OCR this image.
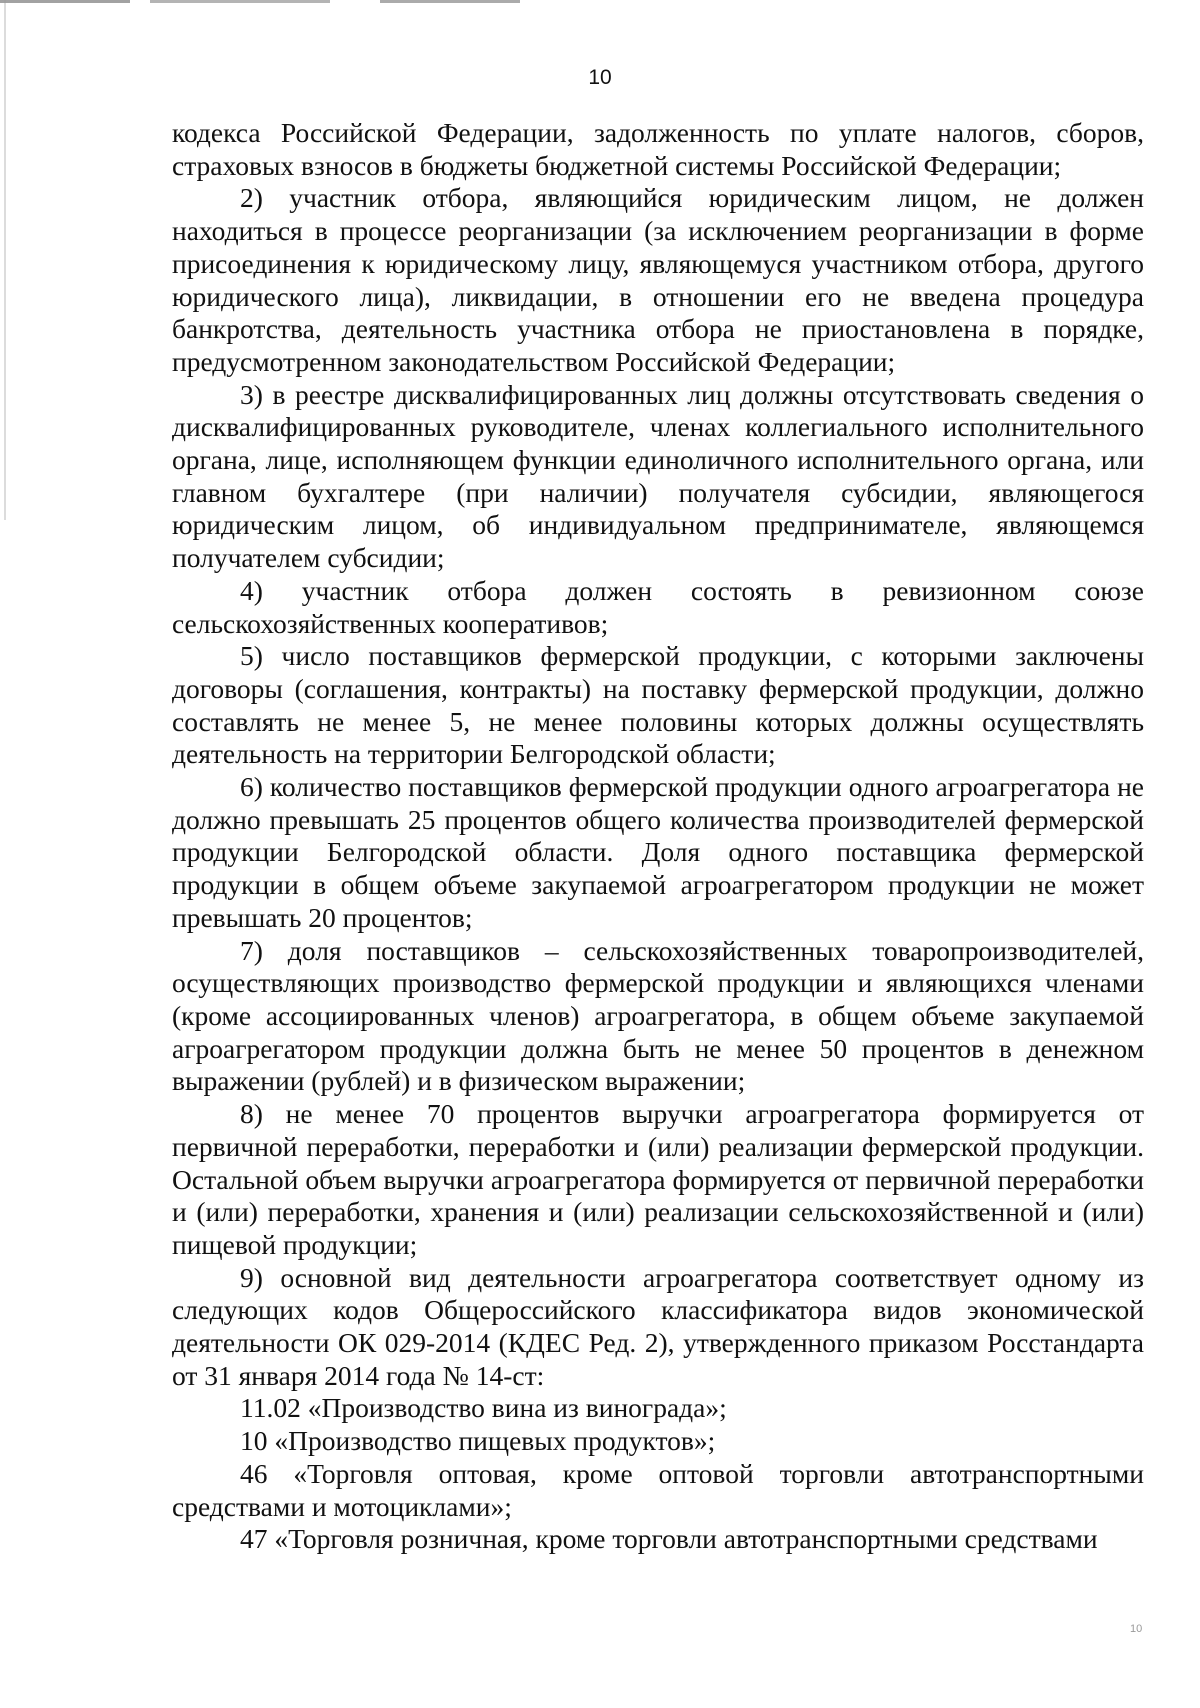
10

кодекса Российской Федерации, задолженность по уплате налогов, сборов, страховых взносов в бюджеты бюджетной системы Российской Федерации;

2) участник отбора, являющийся юридическим лицом, не должен находиться в процессе реорганизации (за исключением реорганизации в форме присоединения к юридическому лицу, являющемуся участником отбора, другого юридического лица), ликвидации, в отношении его не введена процедура банкротства, деятельность участника отбора не приостановлена в порядке, предусмотренном законодательством Российской Федерации;

3) в реестре дисквалифицированных лиц должны отсутствовать сведения о дисквалифицированных руководителе, членах коллегиального исполнительного органа, лице, исполняющем функции единоличного исполнительного органа, или главном бухгалтере (при наличии) получателя субсидии, являющегося юридическим лицом, об индивидуальном предпринимателе, являющемся получателем субсидии;

4) участник отбора должен состоять в ревизионном союзе сельскохозяйственных кооперативов;

5) число поставщиков фермерской продукции, с которыми заключены договоры (соглашения, контракты) на поставку фермерской продукции, должно составлять не менее 5, не менее половины которых должны осуществлять деятельность на территории Белгородской области;

6) количество поставщиков фермерской продукции одного агроагрегатора не должно превышать 25 процентов общего количества производителей фермерской продукции Белгородской области. Доля одного поставщика фермерской продукции в общем объеме закупаемой агроагрегатором продукции не может превышать 20 процентов;

7) доля поставщиков – сельскохозяйственных товаропроизводителей, осуществляющих производство фермерской продукции и являющихся членами (кроме ассоциированных членов) агроагрегатора, в общем объеме закупаемой агроагрегатором продукции должна быть не менее 50 процентов в денежном выражении (рублей) и в физическом выражении;

8) не менее 70 процентов выручки агроагрегатора формируется от первичной переработки, переработки и (или) реализации фермерской продукции. Остальной объем выручки агроагрегатора формируется от первичной переработки и (или) переработки, хранения и (или) реализации сельскохозяйственной и (или) пищевой продукции;

9) основной вид деятельности агроагрегатора соответствует одному из следующих кодов Общероссийского классификатора видов экономической деятельности ОК 029-2014 (КДЕС Ред. 2), утвержденного приказом Росстандарта от 31 января 2014 года № 14-ст:

11.02 «Производство вина из винограда»;

10 «Производство пищевых продуктов»;

46 «Торговля оптовая, кроме оптовой торговли автотранспортными средствами и мотоциклами»;

47 «Торговля розничная, кроме торговли автотранспортными средствами

10
